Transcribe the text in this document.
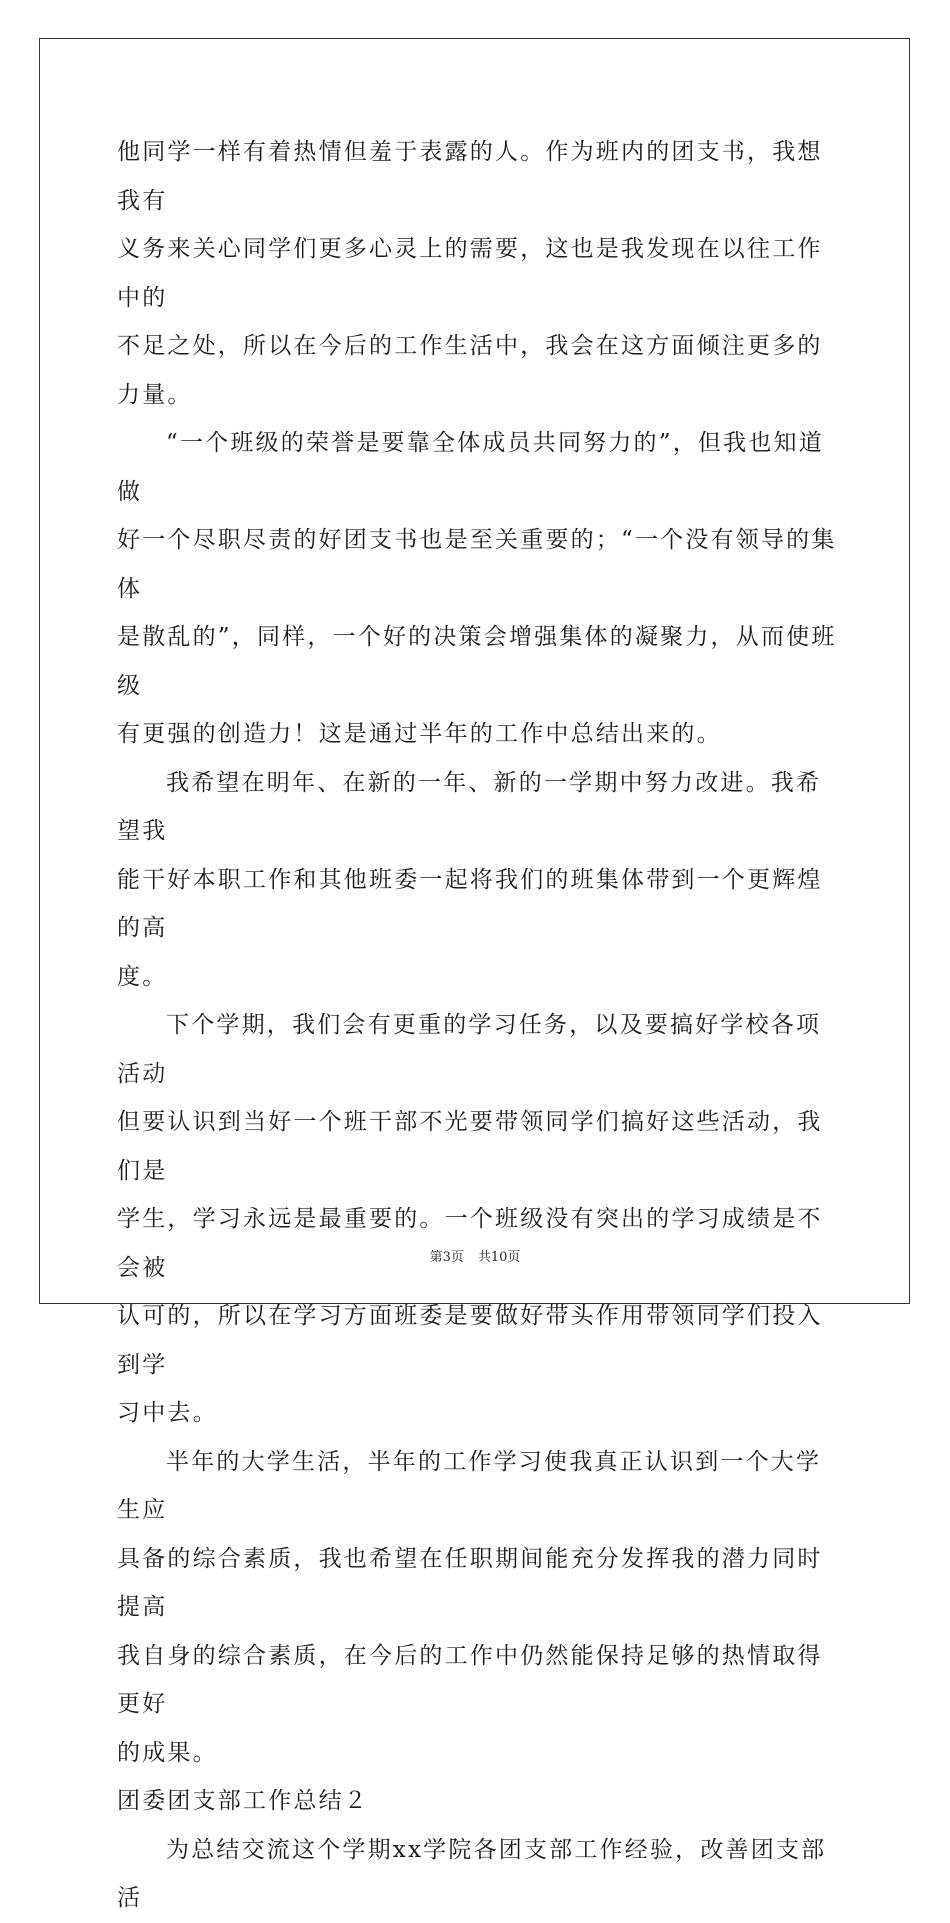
他同学一样有着热情但羞于表露的人。作为班内的团支书，我想我有
义务来关心同学们更多心灵上的需要，这也是我发现在以往工作中的
不足之处，所以在今后的工作生活中，我会在这方面倾注更多的力量。

“一个班级的荣誉是要靠全体成员共同努力的”，但我也知道做
好一个尽职尽责的好团支书也是至关重要的；“一个没有领导的集体
是散乱的”，同样，一个好的决策会增强集体的凝聚力，从而使班级
有更强的创造力！这是通过半年的工作中总结出来的。

我希望在明年、在新的一年、新的一学期中努力改进。我希望我
能干好本职工作和其他班委一起将我们的班集体带到一个更辉煌的高
度。

下个学期，我们会有更重的学习任务，以及要搞好学校各项活动
但要认识到当好一个班干部不光要带领同学们搞好这些活动，我们是
学生，学习永远是最重要的。一个班级没有突出的学习成绩是不会被
认可的，所以在学习方面班委是要做好带头作用带领同学们投入到学
习中去。

半年的大学生活，半年的工作学习使我真正认识到一个大学生应
具备的综合素质，我也希望在任职期间能充分发挥我的潜力同时提高
我自身的综合素质，在今后的工作中仍然能保持足够的热情取得更好
的成果。

团委团支部工作总结２

为总结交流这个学期xx学院各团支部工作经验，改善团支部活

第3页 共10页
